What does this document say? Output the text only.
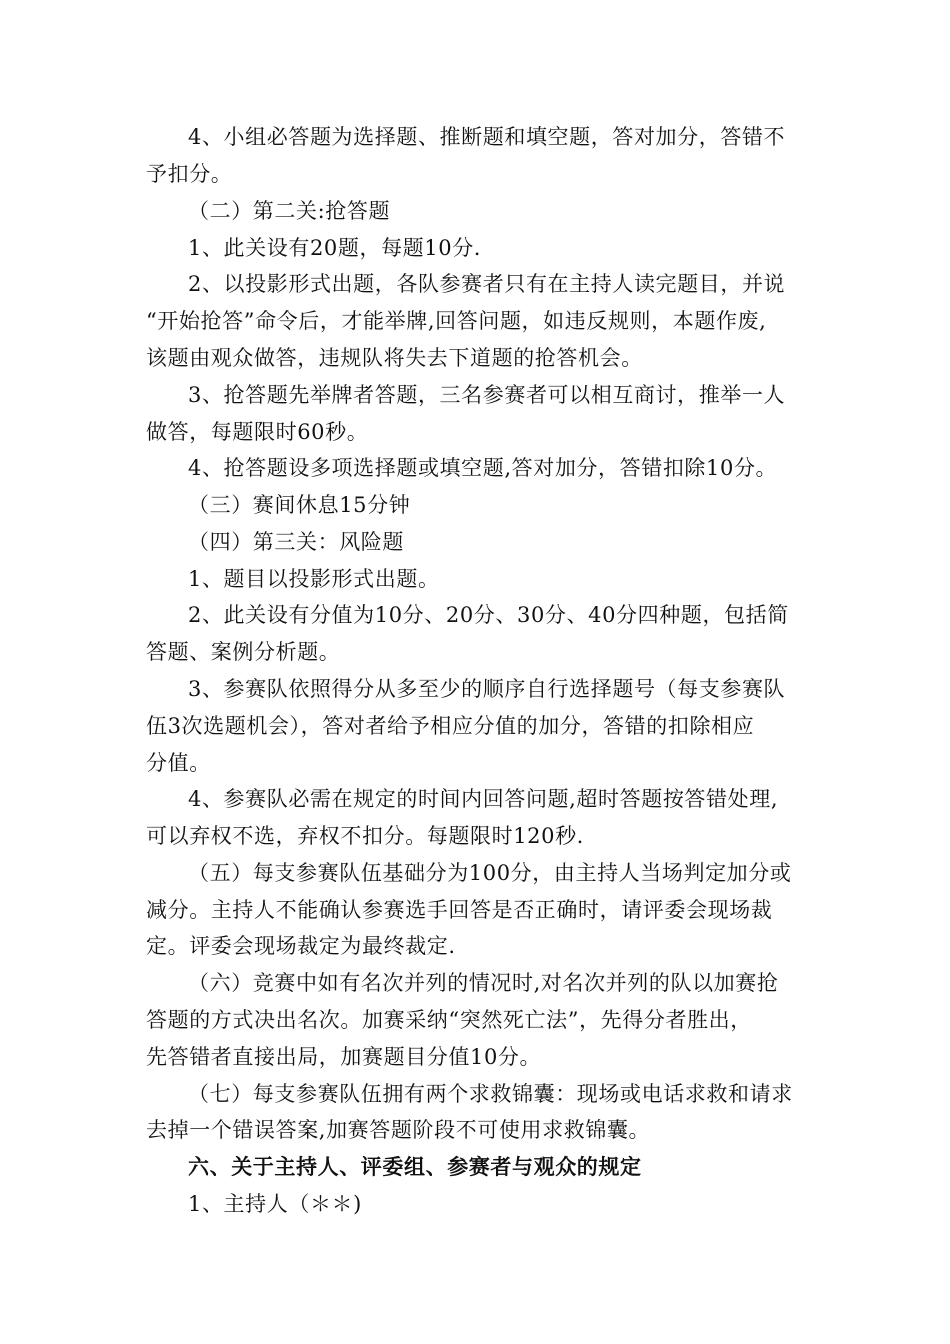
4、小组必答题为选择题、推断题和填空题，答对加分，答错不
予扣分。
（二）第二关:抢答题
1、此关设有20题，每题10分.
2、以投影形式出题，各队参赛者只有在主持人读完题目，并说
“开始抢答”命令后，才能举牌,回答问题，如违反规则，本题作废,
该题由观众做答，违规队将失去下道题的抢答机会。
3、抢答题先举牌者答题，三名参赛者可以相互商讨，推举一人
做答，每题限时60秒。
4、抢答题设多项选择题或填空题,答对加分，答错扣除10分。
（三）赛间休息15分钟
（四）第三关：风险题
1、题目以投影形式出题。
2、此关设有分值为10分、20分、30分、40分四种题，包括简
答题、案例分析题。
3、参赛队依照得分从多至少的顺序自行选择题号（每支参赛队
伍3次选题机会），答对者给予相应分值的加分，答错的扣除相应
分值。
4、参赛队必需在规定的时间内回答问题,超时答题按答错处理,
可以弃权不选，弃权不扣分。每题限时120秒.
（五）每支参赛队伍基础分为100分，由主持人当场判定加分或
减分。主持人不能确认参赛选手回答是否正确时，请评委会现场裁
定。评委会现场裁定为最终裁定.
（六）竞赛中如有名次并列的情况时,对名次并列的队以加赛抢
答题的方式决出名次。加赛采纳“突然死亡法”，先得分者胜出，
先答错者直接出局，加赛题目分值10分。
（七）每支参赛队伍拥有两个求救锦囊：现场或电话求救和请求
去掉一个错误答案,加赛答题阶段不可使用求救锦囊。
六、关于主持人、评委组、参赛者与观众的规定
1、主持人（＊＊)
